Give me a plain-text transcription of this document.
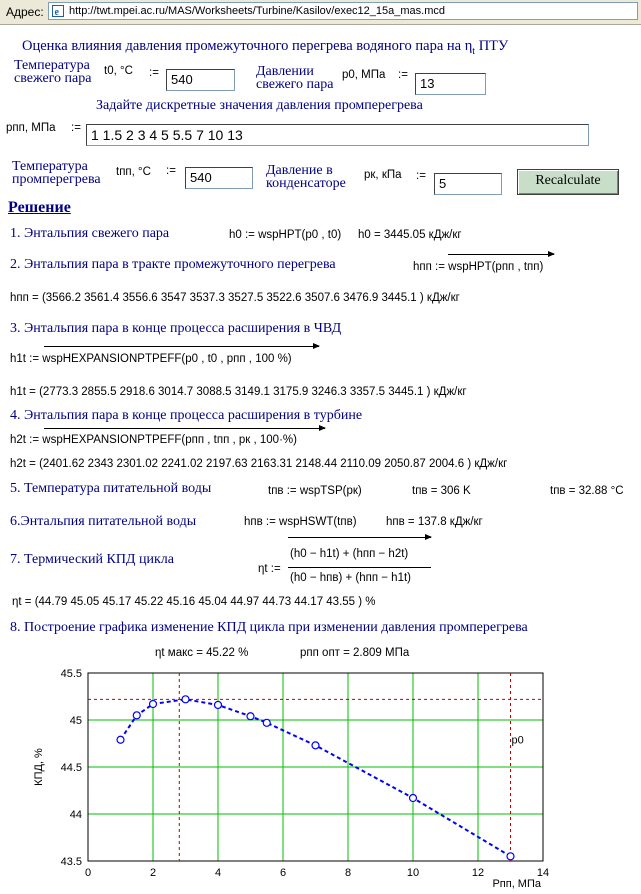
Адрес: e http://twt.mpei.ac.ru/MAS/Worksheets/Turbine/Kasilov/exec12_15a_mas.mcd
Оценка влияния давления промежуточного перегрева водяного пара на $\eta_t$ ПТУ
Температура
свежего пара t0, °C := 540
Давлении
свежего пара
p0, МПа :=
13
Задайте дискретные значения давления промперегрева
pпп, МПа := 1 1.5 2 3 4 5 5.5 7 10 13
Температура
промперегрева tпп, °C :=	540	Давление в
конденсаторе
pк, кПа :=	5	Recalculate
Решение
1. Энтальпия свежего пара	h0 := wspHPT(p0 , t0) h0 = 3445.05 кДж/кг
2. Энтальпия пара в тракте промежуточного перегрева	hпп := wspHPT(pпп , tпп)
hпп = (3566.2 3561.4 3556.6 3547 3537.3 3527.5 3522.6 3507.6 3476.9 3445.1 ) кДж/кг
3. Энтальпия пара в конце процесса расширения в ЧВД
h1t := wspHEXPANSIONPTPEFF(p0 , t0 , pпп , 100 %)
h1t = (2773.3 2855.5 2918.6 3014.7 3088.5 3149.1 3175.9 3246.3 3357.5 3445.1 ) кДж/кг
4. Энтальпия пара в конце процесса расширения в турбине
h2t := wspHEXPANSIONPTPEFF(pпп , tпп , pк , 100·%)
h2t = (2401.62 2343 2301.02 2241.02 2197.63 2163.31 2148.44 2110.09 2050.87 2004.6 ) кДж/кг
5. Температура питательной воды	tпв := wspTSP(pк)	tпв = 306 K	tпв = 32.88 °C
6.Энтальпия питательной воды	hпв := wspHSWT(tпв)	hпв = 137.8 кДж/кг
7. Термический КПД цикла
ηt :=
(h0 − h1t) + (hпп − h2t)
(h0 − hпв) + (hпп − h1t)
ηt = (44.79 45.05 45.17 45.22 45.16 45.04 44.97 44.73 44.17 43.55 ) %
8. Построение графика изменение КПД цикла при изменении давления промперегрева
ηt макс = 45.22 %	pпп опт = 2.809 МПа
0	2	4	6	8	10	12	14
43.5
44
44.5
45
45.5
p0
Pпп, МПа
КПД, %
